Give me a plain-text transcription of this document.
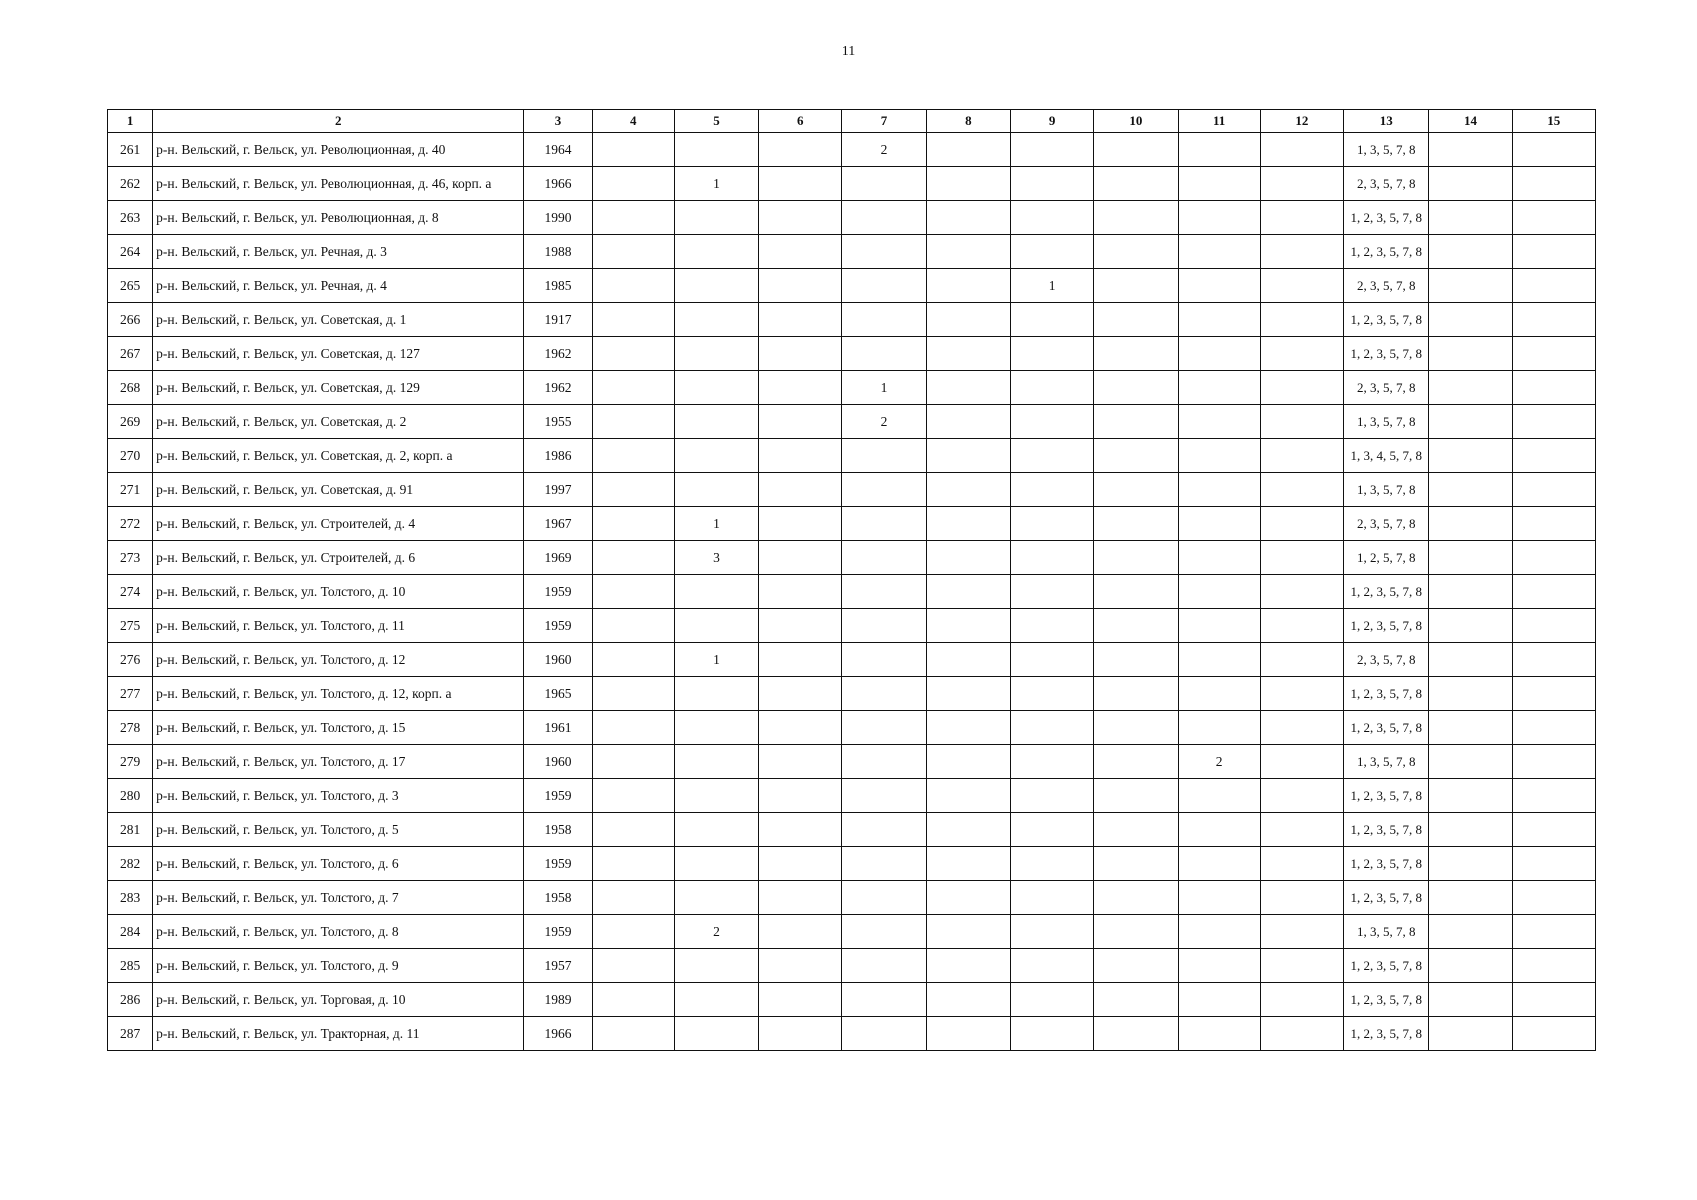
11
1	2	3	4	5	6	7	8	9	10	11	12	13	14	15
261	р-н. Вельский, г. Вельск, ул. Революционная, д. 40	1964				2						1, 3, 5, 7, 8		
262	р-н. Вельский, г. Вельск, ул. Революционная, д. 46, корп. а	1966		1								2, 3, 5, 7, 8		
263	р-н. Вельский, г. Вельск, ул. Революционная, д. 8	1990										1, 2, 3, 5, 7, 8		
264	р-н. Вельский, г. Вельск, ул. Речная, д. 3	1988										1, 2, 3, 5, 7, 8		
265	р-н. Вельский, г. Вельск, ул. Речная, д. 4	1985						1				2, 3, 5, 7, 8		
266	р-н. Вельский, г. Вельск, ул. Советская, д. 1	1917										1, 2, 3, 5, 7, 8		
267	р-н. Вельский, г. Вельск, ул. Советская, д. 127	1962										1, 2, 3, 5, 7, 8		
268	р-н. Вельский, г. Вельск, ул. Советская, д. 129	1962				1						2, 3, 5, 7, 8		
269	р-н. Вельский, г. Вельск, ул. Советская, д. 2	1955				2						1, 3, 5, 7, 8		
270	р-н. Вельский, г. Вельск, ул. Советская, д. 2, корп. а	1986										1, 3, 4, 5, 7, 8		
271	р-н. Вельский, г. Вельск, ул. Советская, д. 91	1997										1, 3, 5, 7, 8		
272	р-н. Вельский, г. Вельск, ул. Строителей, д. 4	1967		1								2, 3, 5, 7, 8		
273	р-н. Вельский, г. Вельск, ул. Строителей, д. 6	1969		3								1, 2, 5, 7, 8		
274	р-н. Вельский, г. Вельск, ул. Толстого, д. 10	1959										1, 2, 3, 5, 7, 8		
275	р-н. Вельский, г. Вельск, ул. Толстого, д. 11	1959										1, 2, 3, 5, 7, 8		
276	р-н. Вельский, г. Вельск, ул. Толстого, д. 12	1960		1								2, 3, 5, 7, 8		
277	р-н. Вельский, г. Вельск, ул. Толстого, д. 12, корп. а	1965										1, 2, 3, 5, 7, 8		
278	р-н. Вельский, г. Вельск, ул. Толстого, д. 15	1961										1, 2, 3, 5, 7, 8		
279	р-н. Вельский, г. Вельск, ул. Толстого, д. 17	1960								2		1, 3, 5, 7, 8		
280	р-н. Вельский, г. Вельск, ул. Толстого, д. 3	1959										1, 2, 3, 5, 7, 8		
281	р-н. Вельский, г. Вельск, ул. Толстого, д. 5	1958										1, 2, 3, 5, 7, 8		
282	р-н. Вельский, г. Вельск, ул. Толстого, д. 6	1959										1, 2, 3, 5, 7, 8		
283	р-н. Вельский, г. Вельск, ул. Толстого, д. 7	1958										1, 2, 3, 5, 7, 8		
284	р-н. Вельский, г. Вельск, ул. Толстого, д. 8	1959		2								1, 3, 5, 7, 8		
285	р-н. Вельский, г. Вельск, ул. Толстого, д. 9	1957										1, 2, 3, 5, 7, 8		
286	р-н. Вельский, г. Вельск, ул. Торговая, д. 10	1989										1, 2, 3, 5, 7, 8		
287	р-н. Вельский, г. Вельск, ул. Тракторная, д. 11	1966										1, 2, 3, 5, 7, 8		
